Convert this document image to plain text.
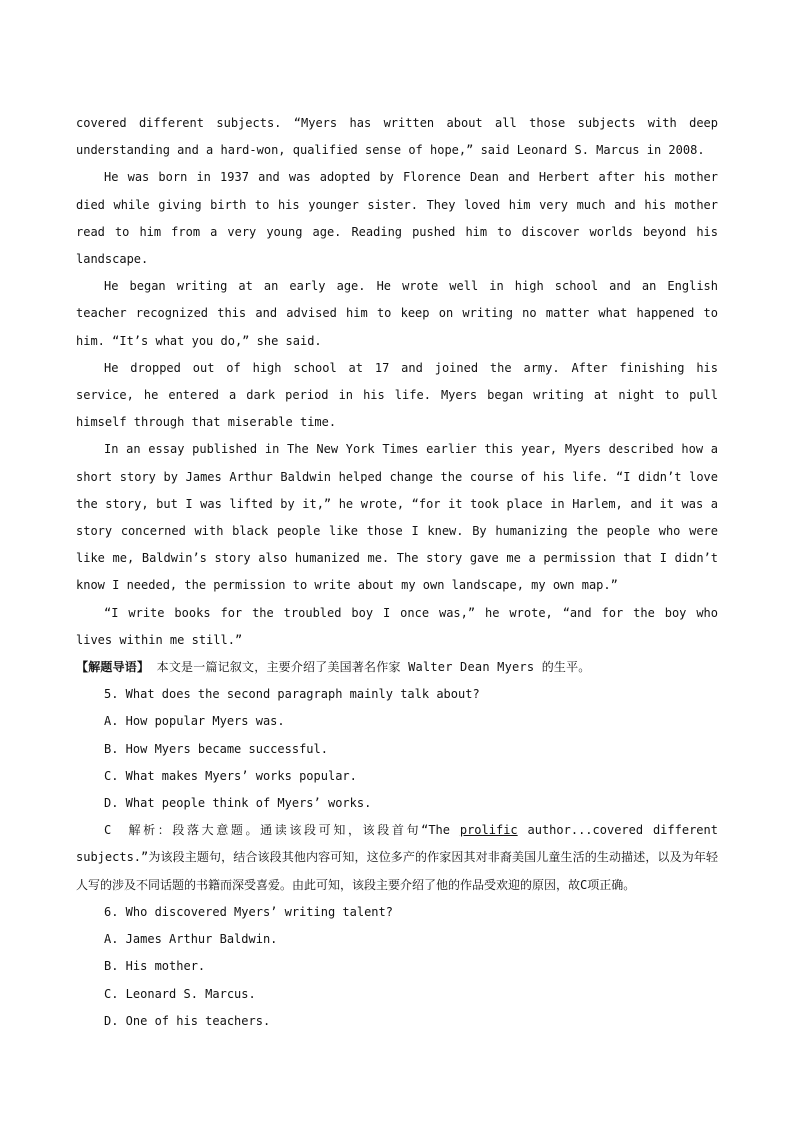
covered different subjects. “Myers has written about all those subjects with deep understanding and a hard-won, qualified sense of hope,” said Leonard S. Marcus in 2008.

He was born in 1937 and was adopted by Florence Dean and Herbert after his mother died while giving birth to his younger sister. They loved him very much and his mother read to him from a very young age. Reading pushed him to discover worlds beyond his landscape.

He began writing at an early age. He wrote well in high school and an English teacher recognized this and advised him to keep on writing no matter what happened to him. “It’s what you do,” she said.

He dropped out of high school at 17 and joined the army. After finishing his service, he entered a dark period in his life. Myers began writing at night to pull himself through that miserable time.

In an essay published in The New York Times earlier this year, Myers described how a short story by James Arthur Baldwin helped change the course of his life. “I didn’t love the story, but I was lifted by it,” he wrote, “for it took place in Harlem, and it was a story concerned with black people like those I knew. By humanizing the people who were like me, Baldwin’s story also humanized me. The story gave me a permission that I didn’t know I needed, the permission to write about my own landscape, my own map.”

“I write books for the troubled boy I once was,” he wrote, “and for the boy who lives within me still.”

【解题导语】 本文是一篇记叙文，主要介绍了美国著名作家 Walter Dean Myers 的生平。

5. What does the second paragraph mainly talk about?

A. How popular Myers was.

B. How Myers became successful.

C. What makes Myers’ works popular.

D. What people think of Myers’ works.

C　解析：段落大意题。通读该段可知，该段首句“The prolific author...covered different subjects.”为该段主题句，结合该段其他内容可知，这位多产的作家因其对非裔美国儿童生活的生动描述，以及为年轻人写的涉及不同话题的书籍而深受喜爱。由此可知，该段主要介绍了他的作品受欢迎的原因，故C项正确。

6. Who discovered Myers’ writing talent?

A. James Arthur Baldwin.

B. His mother.

C. Leonard S. Marcus.

D. One of his teachers.
